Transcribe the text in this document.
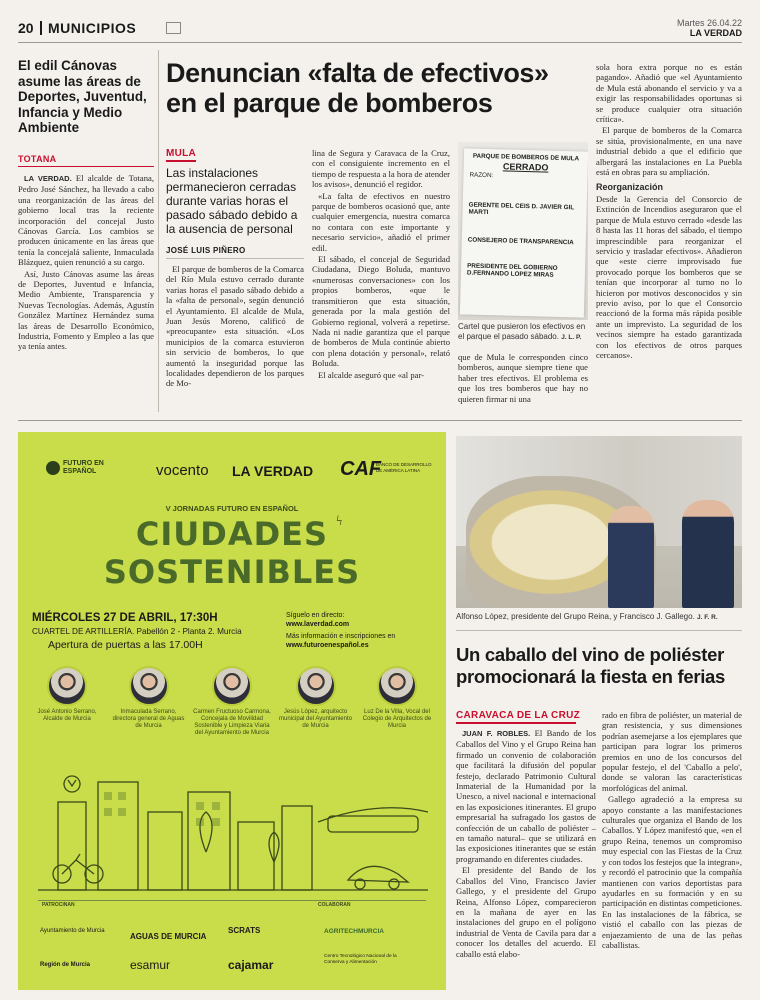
20 MUNICIPIOS	Martes 26.04.22
LA VERDAD
El edil Cánovas asume las áreas de Deportes, Juventud, Infancia y Medio Ambiente
TOTANA

LA VERDAD. El alcalde de Totana, Pedro José Sánchez, ha llevado a cabo una reorganización de las áreas del gobierno local tras la reciente incorporación del concejal Justo Cánovas García. Los cambios se producen únicamente en las áreas que tenía la concejalá saliente, Inmaculada Blázquez, quien renunció a su cargo.

Así, Justo Cánovas asume las áreas de Deportes, Juventud e Infancia, Medio Ambiente, Transparencia y Nuevas Tecnologías. Además, Agustín González Martínez Hernández suma las áreas de Desarrollo Económico, Industria, Fomento y Empleo a las que ya tenía antes.

Denuncian «falta de efectivos» en el parque de bomberos
MULA
Las instalaciones permanecieron cerradas durante varias horas el pasado sábado debido a la ausencia de personal
JOSÉ LUIS PIÑERO

El parque de bomberos de la Comarca del Río Mula estuvo cerrado durante varias horas el pasado sábado debido a la «falta de personal», según denunció el Ayuntamiento. El alcalde de Mula, Juan Jesús Moreno, calificó de «preocupante» esta situación. «Los municipios de la comarca estuvieron sin servicio de bomberos, lo que aumentó la inseguridad porque las localidades dependieron de los parques de Mo-

lina de Segura y Caravaca de la Cruz, con el consiguiente incremento en el tiempo de respuesta a la hora de atender los avisos», denunció el regidor.

«La falta de efectivos en nuestro parque de bomberos ocasionó que, ante cualquier emergencia, nuestra comarca no contara con este importante y necesario servicio», añadió el primer edil.

El sábado, el concejal de Seguridad Ciudadana, Diego Boluda, mantuvo «numerosas conversaciones» con los propios bomberos, «que le transmitieron que esta situación, generada por la mala gestión del Gobierno regional, volverá a repetirse. Nada ni nadie garantiza que el parque de bomberos de Mula continúe abierto con plena dotación y personal», relató Boluda.

El alcalde aseguró que «al par-

PARQUE DE BOMBEROS DE MULA
CERRADO
RAZON:
GERENTE DEL CEIS D. JAVIER GIL MARTI
CONSEJERO DE TRANSPARENCIA
PRESIDENTE DEL GOBIERNO D.FERNANDO LOPEZ MIRAS
Cartel que pusieron los efectivos en el parque el pasado sábado. J. L. P.

que de Mula le corresponden cinco bomberos, aunque siempre tiene que haber tres efectivos. El problema es que los tres bomberos que hay no quieren firmar ni una

sola hora extra porque no es están pagando». Añadió que «el Ayuntamiento de Mula está abonando el servicio y va a exigir las responsabilidades oportunas si se produce cualquier otra situación crítica».

El parque de bomberos de la Comarca se sitúa, provisionalmente, en una nave industrial debido a que el edificio que albergará las instalaciones en La Puebla está en obras para su ampliación.

Reorganización

Desde la Gerencia del Consorcio de Extinción de Incendios aseguraron que el parque de Mula estuvo cerrado «desde las 8 hasta las 11 horas del sábado, el tiempo imprescindible para reorganizar el servicio y trasladar efectivos». Añadieron que «este cierre improvisado fue provocado porque los bomberos que se tenían que incorporar al turno no lo hicieron por motivos desconocidos y sin previo aviso, por lo que el Consorcio reaccionó de la forma más rápida posible ante un imprevisto. La seguridad de los vecinos siempre ha estado garantizada con los efectivos de otros parques cercanos».

FUTURO EN ESPAÑOL	vocento LA VERDAD CAF
BANCO DE DESARROLLO DE AMÉRICA LATINA
V JORNADAS FUTURO EN ESPAÑOL
CIUDADES
SOSTENIBLES
ϟ
MIÉRCOLES 27 DE ABRIL, 17:30H
CUARTEL DE ARTILLERÍA. Pabellón 2 - Planta 2. Murcia
Apertura de puertas a las 17.00H
Síguelo en directo:
www.laverdad.com
Más información e inscripciones en
www.futuroenespañol.es
José Antonio Serrano, Alcalde de Murcia
Inmaculada Serrano, directora general de Aguas de Murcia
Carmen Fructuoso Carmona, Concejala de Movilidad Sostenible y Limpieza Viaria del Ayuntamiento de Murcia
Jesús López, arquitecto municipal del Ayuntamiento de Murcia
Luz De la Villa, Vocal del Colegio de Arquitectos de Murcia
PATROCINAN	COLABORAN
Ayuntamiento de Murcia
AGUAS DE MURCIA
SCRATS
Región de Murcia	esamur	cajamar
AGRITECHMURCIA
Centro Tecnológico Nacional de la Conserva y Alimentación
Alfonso López, presidente del Grupo Reina, y Francisco J. Gallego. J. F. R.
Un caballo del vino de poliéster promocionará la fiesta en ferias
CARAVACA DE LA CRUZ

JUAN F. ROBLES. El Bando de los Caballos del Vino y el Grupo Reina han firmado un convenio de colaboración que facilitará la difusión del popular festejo, declarado Patrimonio Cultural Inmaterial de la Humanidad por la Unesco, a nivel nacional e internacional en las exposiciones itinerantes. El grupo empresarial ha sufragado los gastos de confección de un caballo de poliéster –en tamaño natural– que se utilizará en las exposiciones itinerantes que se están programando en diferentes ciudades.

El presidente del Bando de los Caballos del Vino, Francisco Javier Gallego, y el presidente del Grupo Reina, Alfonso López, comparecieron en la mañana de ayer en las instalaciones del grupo en el polígono industrial de Venta de Cavila para dar a conocer los detalles del acuerdo. El caballo está elabo-

rado en fibra de poliéster, un material de gran resistencia, y sus dimensiones podrían asemejarse a los ejemplares que participan para lograr los primeros premios en uno de los concursos del popular festejo, el del 'Caballo a pelo', donde se valoran las características morfológicas del animal.

Gallego agradeció a la empresa su apoyo constante a las manifestaciones culturales que organiza el Bando de los Caballos. Y López manifestó que, «en el grupo Reina, tenemos un compromiso muy especial con las Fiestas de la Cruz y con todos los festejos que la integran», y recordó el patrocinio que la compañía mantienen con varios deportistas para ayudarles en su formación y en su participación en distintas competiciones. En las instalaciones de la fábrica, se vistió el caballo con las piezas de enjaezamiento de una de las peñas caballistas.
